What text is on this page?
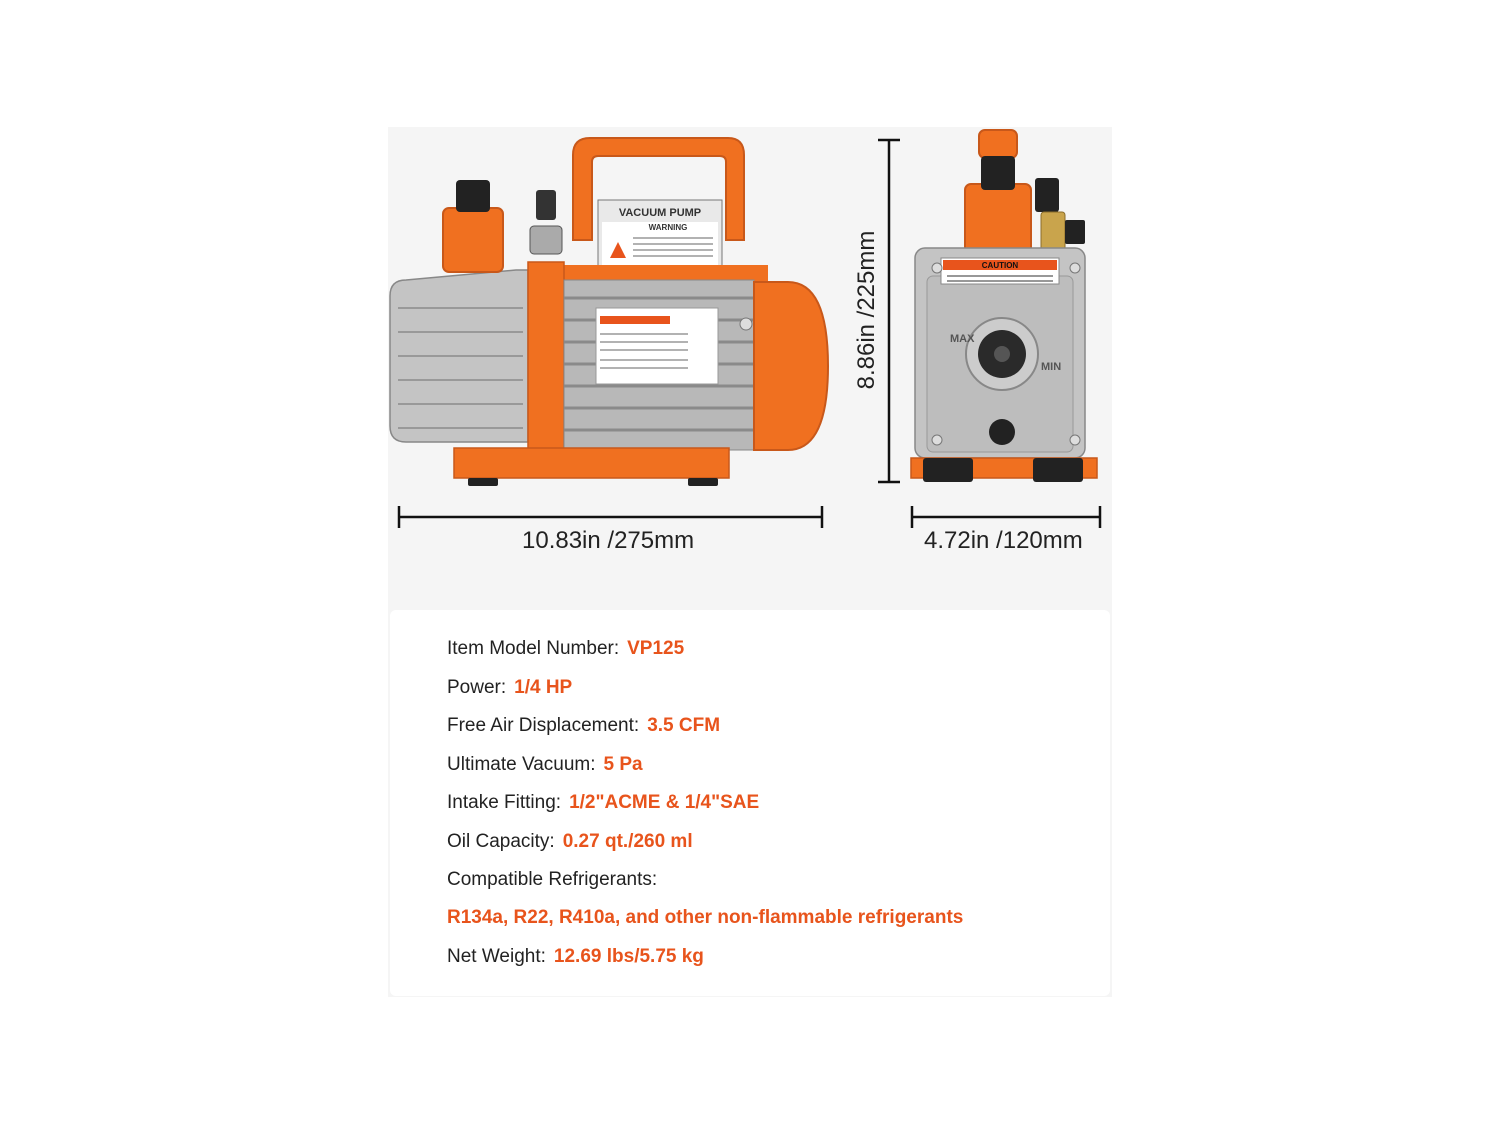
VACUUM PUMP
WARNING
CAUTION
MAX
MIN
10.83in /275mm
8.86in /225mm
4.72in /120mm
Item Model Number: VP125
Power: 1/4 HP
Free Air Displacement: 3.5 CFM
Ultimate Vacuum: 5 Pa
Intake Fitting: 1/2"ACME & 1/4"SAE
Oil Capacity: 0.27 qt./260 ml
Compatible Refrigerants:
R134a, R22, R410a, and other non-flammable refrigerants
Net Weight: 12.69 lbs/5.75 kg
